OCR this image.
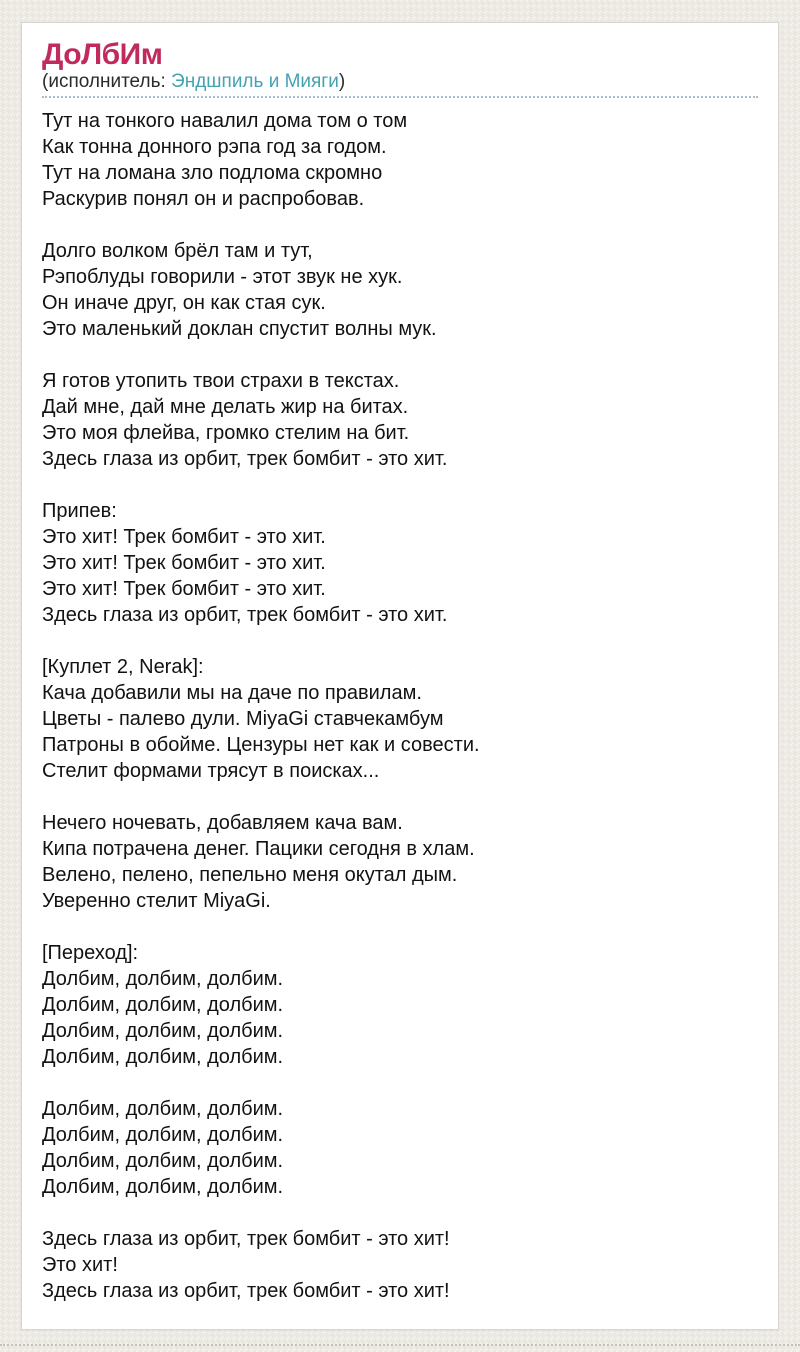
ДоЛбИм
(исполнитель: Эндшпиль и Мияги)
Тут на тонкого навалил дома том о том
Как тонна донного рэпа год за годом.
Тут на ломана зло подлома скромно
Раскурив понял он и распробовав.
Долго волком брёл там и тут,
Рэпоблуды говорили - этот звук не хук.
Он иначе друг, он как стая сук.
Это маленький доклан спустит волны мук.
Я готов утопить твои страхи в текстах.
Дай мне, дай мне делать жир на битах.
Это моя флейва, громко стелим на бит.
Здесь глаза из орбит, трек бомбит - это хит.
Припев:
Это хит! Трек бомбит - это хит.
Это хит! Трек бомбит - это хит.
Это хит! Трек бомбит - это хит.
Здесь глаза из орбит, трек бомбит - это хит.
[Куплет 2, Nerak]:
Кача добавили мы на даче по правилам.
Цветы - палево дули. MiyaGi ставчекамбум
Патроны в обойме. Цензуры нет как и совести.
Стелит формами трясут в поисках...
Нечего ночевать, добавляем кача вам.
Кипа потрачена денег. Пацики сегодня в хлам.
Велено, пелено, пепельно меня окутал дым.
Уверенно стелит MiyaGi.
[Переход]:
Долбим, долбим, долбим.
Долбим, долбим, долбим.
Долбим, долбим, долбим.
Долбим, долбим, долбим.
Долбим, долбим, долбим.
Долбим, долбим, долбим.
Долбим, долбим, долбим.
Долбим, долбим, долбим.
Здесь глаза из орбит, трек бомбит - это хит!
Это хит!
Здесь глаза из орбит, трек бомбит - это хит!
